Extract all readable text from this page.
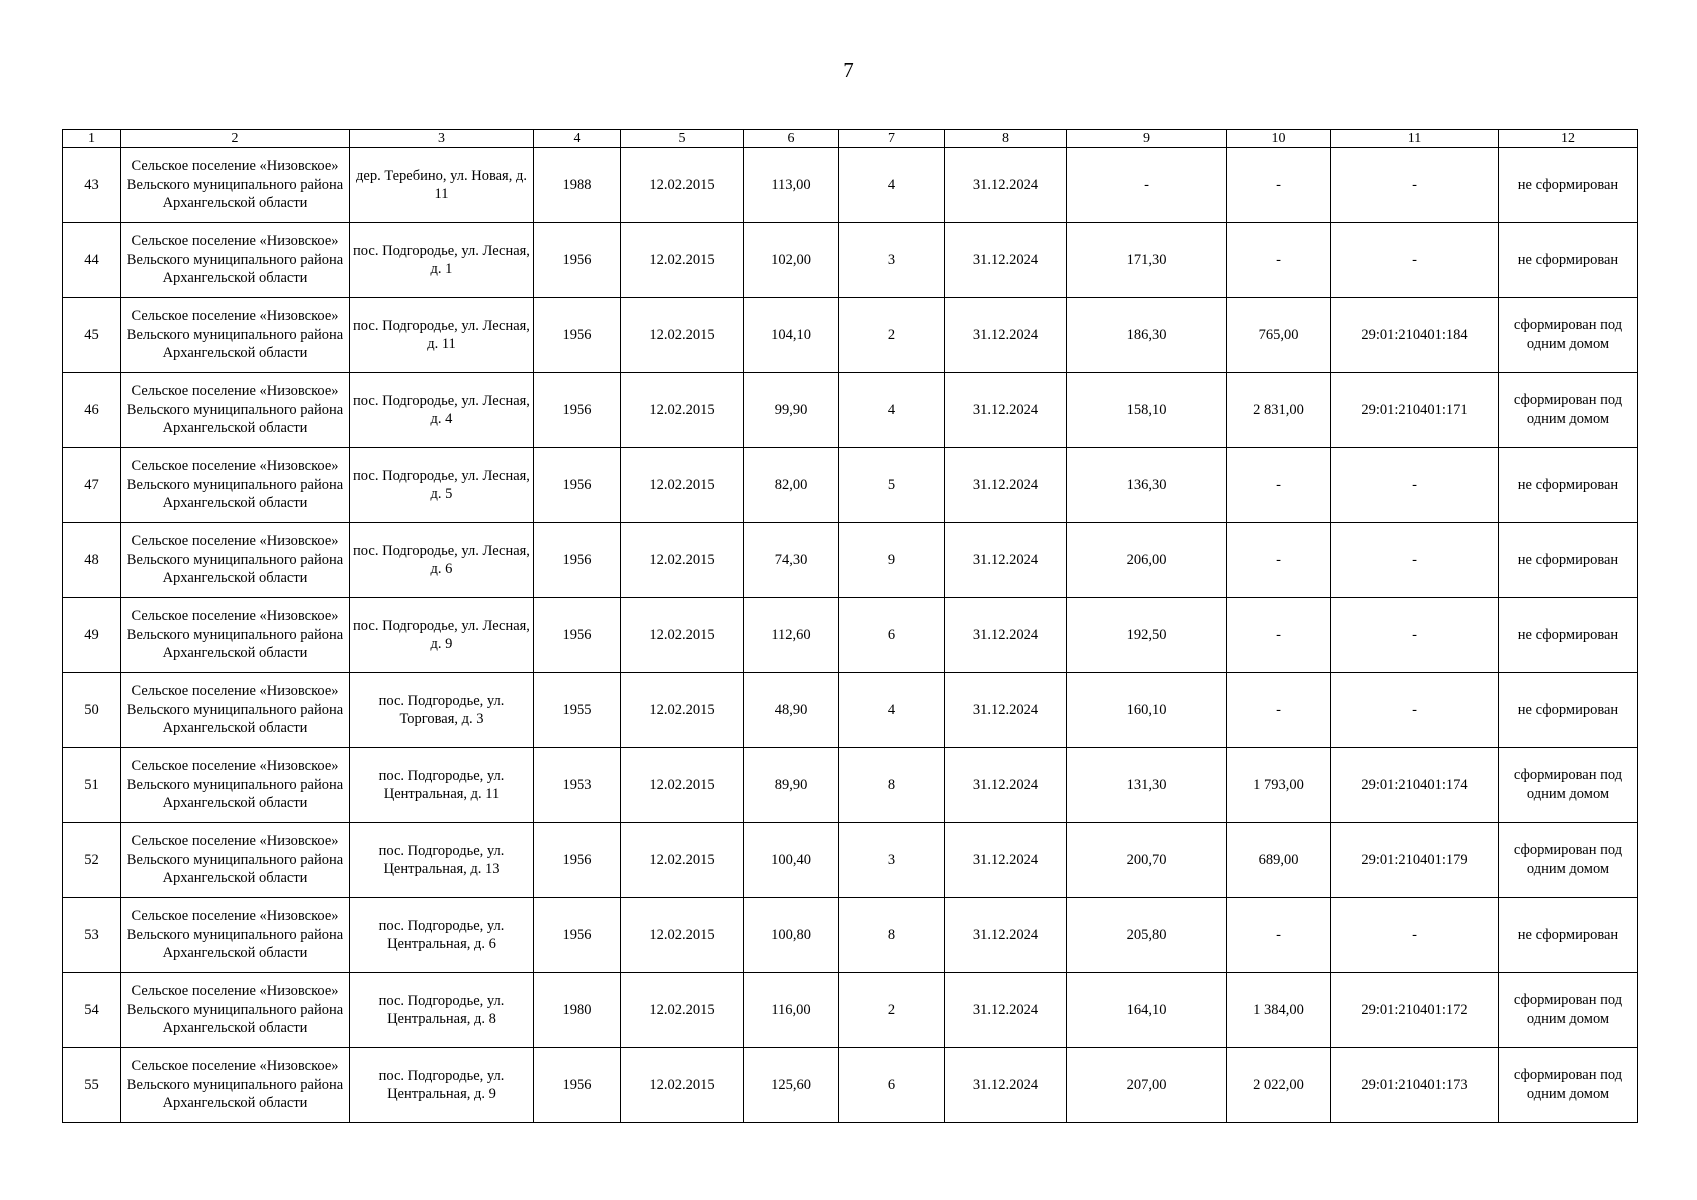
7
1	2	3	4	5	6	7	8	9	10	11	12
43	Сельское поселение «Низовское» Вельского муниципального района Архангельской области	дер. Теребино, ул. Новая, д. 11	1988	12.02.2015	113,00	4	31.12.2024	-	-	-	не сформирован
44	Сельское поселение «Низовское» Вельского муниципального района Архангельской области	пос. Подгородье, ул. Лесная, д. 1	1956	12.02.2015	102,00	3	31.12.2024	171,30	-	-	не сформирован
45	Сельское поселение «Низовское» Вельского муниципального района Архангельской области	пос. Подгородье, ул. Лесная, д. 11	1956	12.02.2015	104,10	2	31.12.2024	186,30	765,00	29:01:210401:184	сформирован под одним домом
46	Сельское поселение «Низовское» Вельского муниципального района Архангельской области	пос. Подгородье, ул. Лесная, д. 4	1956	12.02.2015	99,90	4	31.12.2024	158,10	2 831,00	29:01:210401:171	сформирован под одним домом
47	Сельское поселение «Низовское» Вельского муниципального района Архангельской области	пос. Подгородье, ул. Лесная, д. 5	1956	12.02.2015	82,00	5	31.12.2024	136,30	-	-	не сформирован
48	Сельское поселение «Низовское» Вельского муниципального района Архангельской области	пос. Подгородье, ул. Лесная, д. 6	1956	12.02.2015	74,30	9	31.12.2024	206,00	-	-	не сформирован
49	Сельское поселение «Низовское» Вельского муниципального района Архангельской области	пос. Подгородье, ул. Лесная, д. 9	1956	12.02.2015	112,60	6	31.12.2024	192,50	-	-	не сформирован
50	Сельское поселение «Низовское» Вельского муниципального района Архангельской области	пос. Подгородье, ул. Торговая, д. 3	1955	12.02.2015	48,90	4	31.12.2024	160,10	-	-	не сформирован
51	Сельское поселение «Низовское» Вельского муниципального района Архангельской области	пос. Подгородье, ул. Центральная, д. 11	1953	12.02.2015	89,90	8	31.12.2024	131,30	1 793,00	29:01:210401:174	сформирован под одним домом
52	Сельское поселение «Низовское» Вельского муниципального района Архангельской области	пос. Подгородье, ул. Центральная, д. 13	1956	12.02.2015	100,40	3	31.12.2024	200,70	689,00	29:01:210401:179	сформирован под одним домом
53	Сельское поселение «Низовское» Вельского муниципального района Архангельской области	пос. Подгородье, ул. Центральная, д. 6	1956	12.02.2015	100,80	8	31.12.2024	205,80	-	-	не сформирован
54	Сельское поселение «Низовское» Вельского муниципального района Архангельской области	пос. Подгородье, ул. Центральная, д. 8	1980	12.02.2015	116,00	2	31.12.2024	164,10	1 384,00	29:01:210401:172	сформирован под одним домом
55	Сельское поселение «Низовское» Вельского муниципального района Архангельской области	пос. Подгородье, ул. Центральная, д. 9	1956	12.02.2015	125,60	6	31.12.2024	207,00	2 022,00	29:01:210401:173	сформирован под одним домом
